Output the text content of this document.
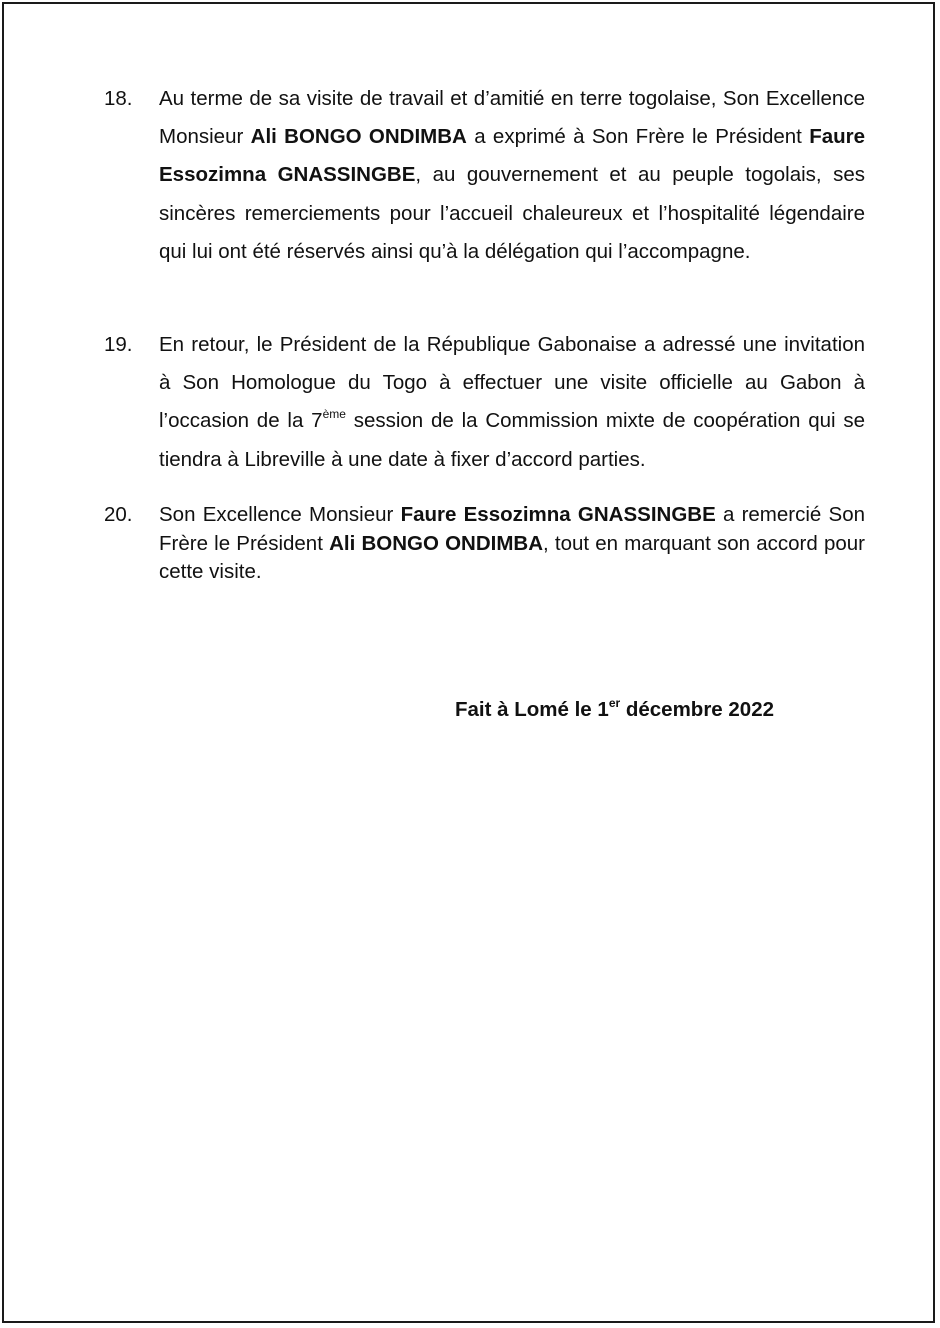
18.	Au terme de sa visite de travail et d’amitié en terre togolaise, Son Excellence Monsieur Ali BONGO ONDIMBA a exprimé à Son Frère le Président Faure Essozimna GNASSINGBE, au gouvernement et au peuple togolais, ses sincères remerciements pour l’accueil chaleureux et l’hospitalité légendaire qui lui ont été réservés ainsi qu’à la délégation qui l’accompagne.
19.	En retour, le Président de la République Gabonaise a adressé une invitation à Son Homologue du Togo à effectuer une visite officielle au Gabon à l’occasion de la 7ème session de la Commission mixte de coopération qui se tiendra à Libreville à une date à fixer d’accord parties.
20.	Son Excellence Monsieur Faure Essozimna GNASSINGBE a remercié Son Frère le Président Ali BONGO ONDIMBA, tout en marquant son accord pour cette visite.
Fait à Lomé le 1er décembre 2022
